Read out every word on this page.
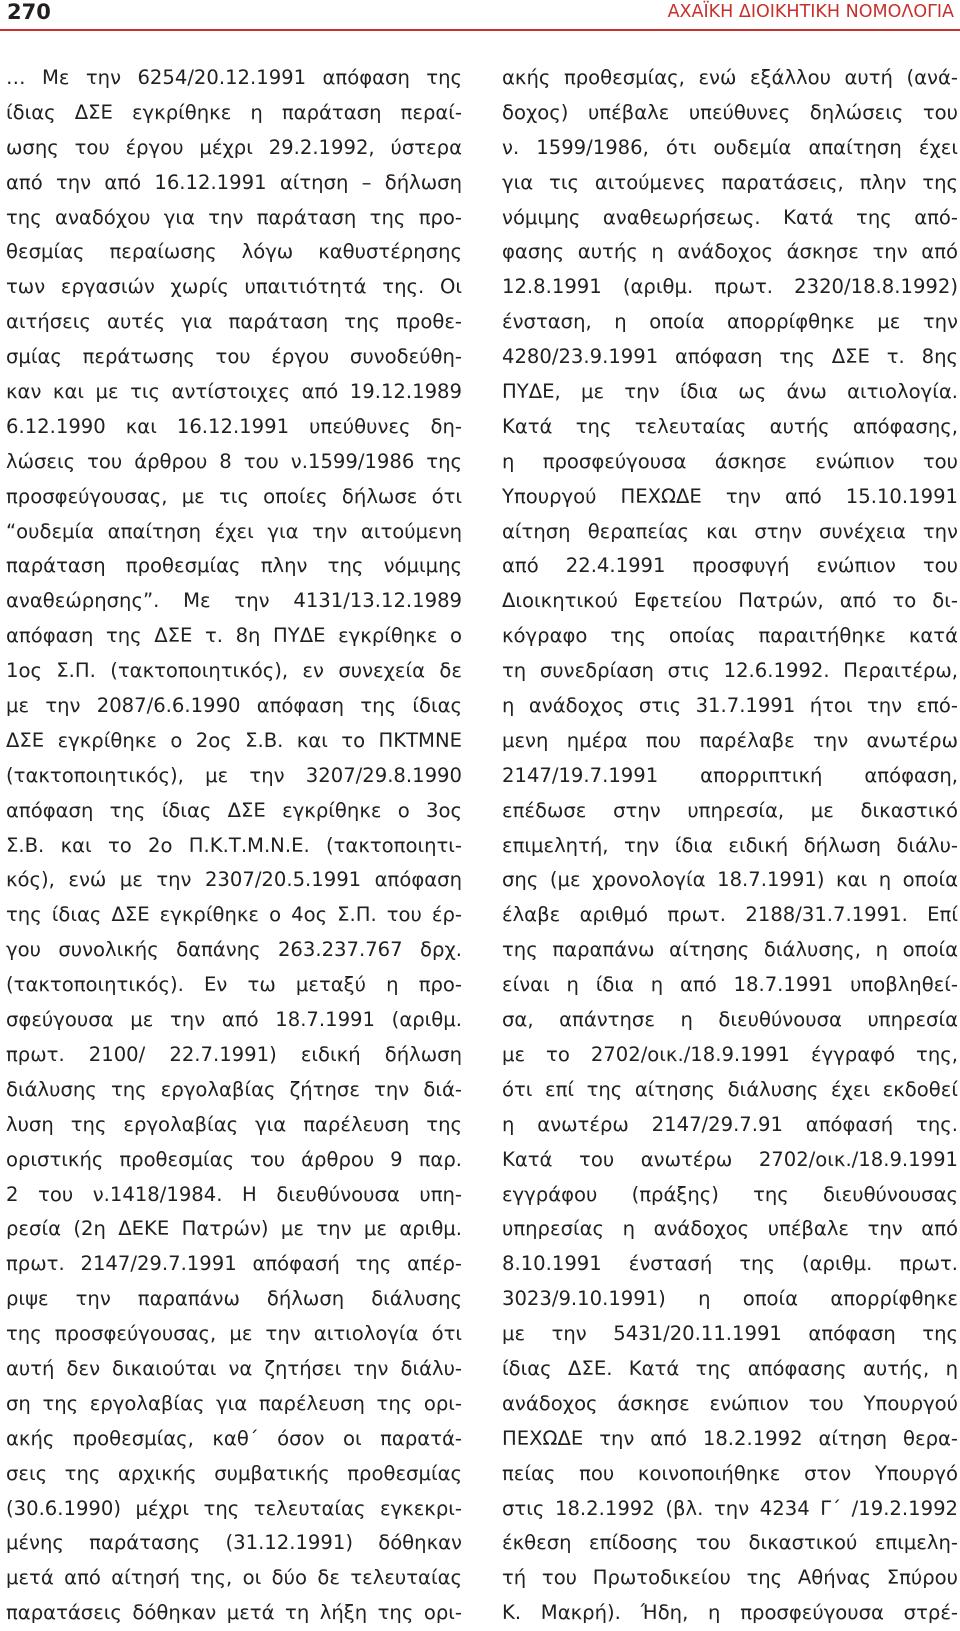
270	ΑΧΑΪΚΗ ΔΙΟΙΚΗΤΙΚΗ ΝΟΜΟΛΟΓΙΑ
… Με την 6254/20.12.1991 απόφαση της
ίδιας ΔΣΕ εγκρίθηκε η παράταση περαί-
ωσης του έργου μέχρι 29.2.1992, ύστερα
από την από 16.12.1991 αίτηση – δήλωση
της αναδόχου για την παράταση της προ-
θεσμίας περαίωσης λόγω καθυστέρησης
των εργασιών χωρίς υπαιτιότητά της. Οι
αιτήσεις αυτές για παράταση της προθε-
σμίας περάτωσης του έργου συνοδεύθη-
καν και με τις αντίστοιχες από 19.12.1989
6.12.1990 και 16.12.1991 υπεύθυνες δη-
λώσεις του άρθρου 8 του ν.1599/1986 της
προσφεύγουσας, με τις οποίες δήλωσε ότι
“ουδεμία απαίτηση έχει για την αιτούμενη
παράταση προθεσμίας πλην της νόμιμης
αναθεώρησης”. Με την 4131/13.12.1989
απόφαση της ΔΣΕ τ. 8η ΠΥΔΕ εγκρίθηκε ο
1ος Σ.Π. (τακτοποιητικός), εν συνεχεία δε
με την 2087/6.6.1990 απόφαση της ίδιας
ΔΣΕ εγκρίθηκε ο 2ος Σ.Β. και το ΠΚΤΜΝΕ
(τακτοποιητικός), με την 3207/29.8.1990
απόφαση της ίδιας ΔΣΕ εγκρίθηκε ο 3ος
Σ.Β. και το 2ο Π.Κ.Τ.Μ.Ν.Ε. (τακτοποιητι-
κός), ενώ με την 2307/20.5.1991 απόφαση
της ίδιας ΔΣΕ εγκρίθηκε ο 4ος Σ.Π. του έρ-
γου συνολικής δαπάνης 263.237.767 δρχ.
(τακτοποιητικός). Εν τω μεταξύ η προ-
σφεύγουσα με την από 18.7.1991 (αριθμ.
πρωτ. 2100/ 22.7.1991) ειδική δήλωση
διάλυσης της εργολαβίας ζήτησε την διά-
λυση της εργολαβίας για παρέλευση της
οριστικής προθεσμίας του άρθρου 9 παρ.
2 του ν.1418/1984. Η διευθύνουσα υπη-
ρεσία (2η ΔΕΚΕ Πατρών) με την με αριθμ.
πρωτ. 2147/29.7.1991 απόφασή της απέρ-
ριψε την παραπάνω δήλωση διάλυσης
της προσφεύγουσας, με την αιτιολογία ότι
αυτή δεν δικαιούται να ζητήσει την διάλυ-
ση της εργολαβίας για παρέλευση της ορι-
ακής προθεσμίας, καθ΄ όσον οι παρατά-
σεις της αρχικής συμβατικής προθεσμίας
(30.6.1990) μέχρι της τελευταίας εγκεκρι-
μένης παράτασης (31.12.1991) δόθηκαν
μετά από αίτησή της, οι δύο δε τελευταίας
παρατάσεις δόθηκαν μετά τη λήξη της ορι-
ακής προθεσμίας, ενώ εξάλλου αυτή (ανά-
δοχος) υπέβαλε υπεύθυνες δηλώσεις του
ν. 1599/1986, ότι ουδεμία απαίτηση έχει
για τις αιτούμενες παρατάσεις, πλην της
νόμιμης αναθεωρήσεως. Κατά της από-
φασης αυτής η ανάδοχος άσκησε την από
12.8.1991 (αριθμ. πρωτ. 2320/18.8.1992)
ένσταση, η οποία απορρίφθηκε με την
4280/23.9.1991 απόφαση της ΔΣΕ τ. 8ης
ΠΥΔΕ, με την ίδια ως άνω αιτιολογία.
Κατά της τελευταίας αυτής απόφασης,
η προσφεύγουσα άσκησε ενώπιον του
Υπουργού ΠΕΧΩΔΕ την από 15.10.1991
αίτηση θεραπείας και στην συνέχεια την
από 22.4.1991 προσφυγή ενώπιον του
Διοικητικού Εφετείου Πατρών, από το δι-
κόγραφο της οποίας παραιτήθηκε κατά
τη συνεδρίαση στις 12.6.1992. Περαιτέρω,
η ανάδοχος στις 31.7.1991 ήτοι την επό-
μενη ημέρα που παρέλαβε την ανωτέρω
2147/19.7.1991 απορριπτική απόφαση,
επέδωσε στην υπηρεσία, με δικαστικό
επιμελητή, την ίδια ειδική δήλωση διάλυ-
σης (με χρονολογία 18.7.1991) και η οποία
έλαβε αριθμό πρωτ. 2188/31.7.1991. Επί
της παραπάνω αίτησης διάλυσης, η οποία
είναι η ίδια η από 18.7.1991 υποβληθεί-
σα, απάντησε η διευθύνουσα υπηρεσία
με το 2702/οικ./18.9.1991 έγγραφό της,
ότι επί της αίτησης διάλυσης έχει εκδοθεί
η ανωτέρω 2147/29.7.91 απόφασή της.
Κατά του ανωτέρω 2702/οικ./18.9.1991
εγγράφου (πράξης) της διευθύνουσας
υπηρεσίας η ανάδοχος υπέβαλε την από
8.10.1991 ένστασή της (αριθμ. πρωτ.
3023/9.10.1991) η οποία απορρίφθηκε
με την 5431/20.11.1991 απόφαση της
ίδιας ΔΣΕ. Κατά της απόφασης αυτής, η
ανάδοχος άσκησε ενώπιον του Υπουργού
ΠΕΧΩΔΕ την από 18.2.1992 αίτηση θερα-
πείας που κοινοποιήθηκε στον Υπουργό
στις 18.2.1992 (βλ. την 4234 Γ΄ /19.2.1992
έκθεση επίδοσης του δικαστικού επιμελη-
τή του Πρωτοδικείου της Αθήνας Σπύρου
Κ. Μακρή). Ήδη, η προσφεύγουσα στρέ-
